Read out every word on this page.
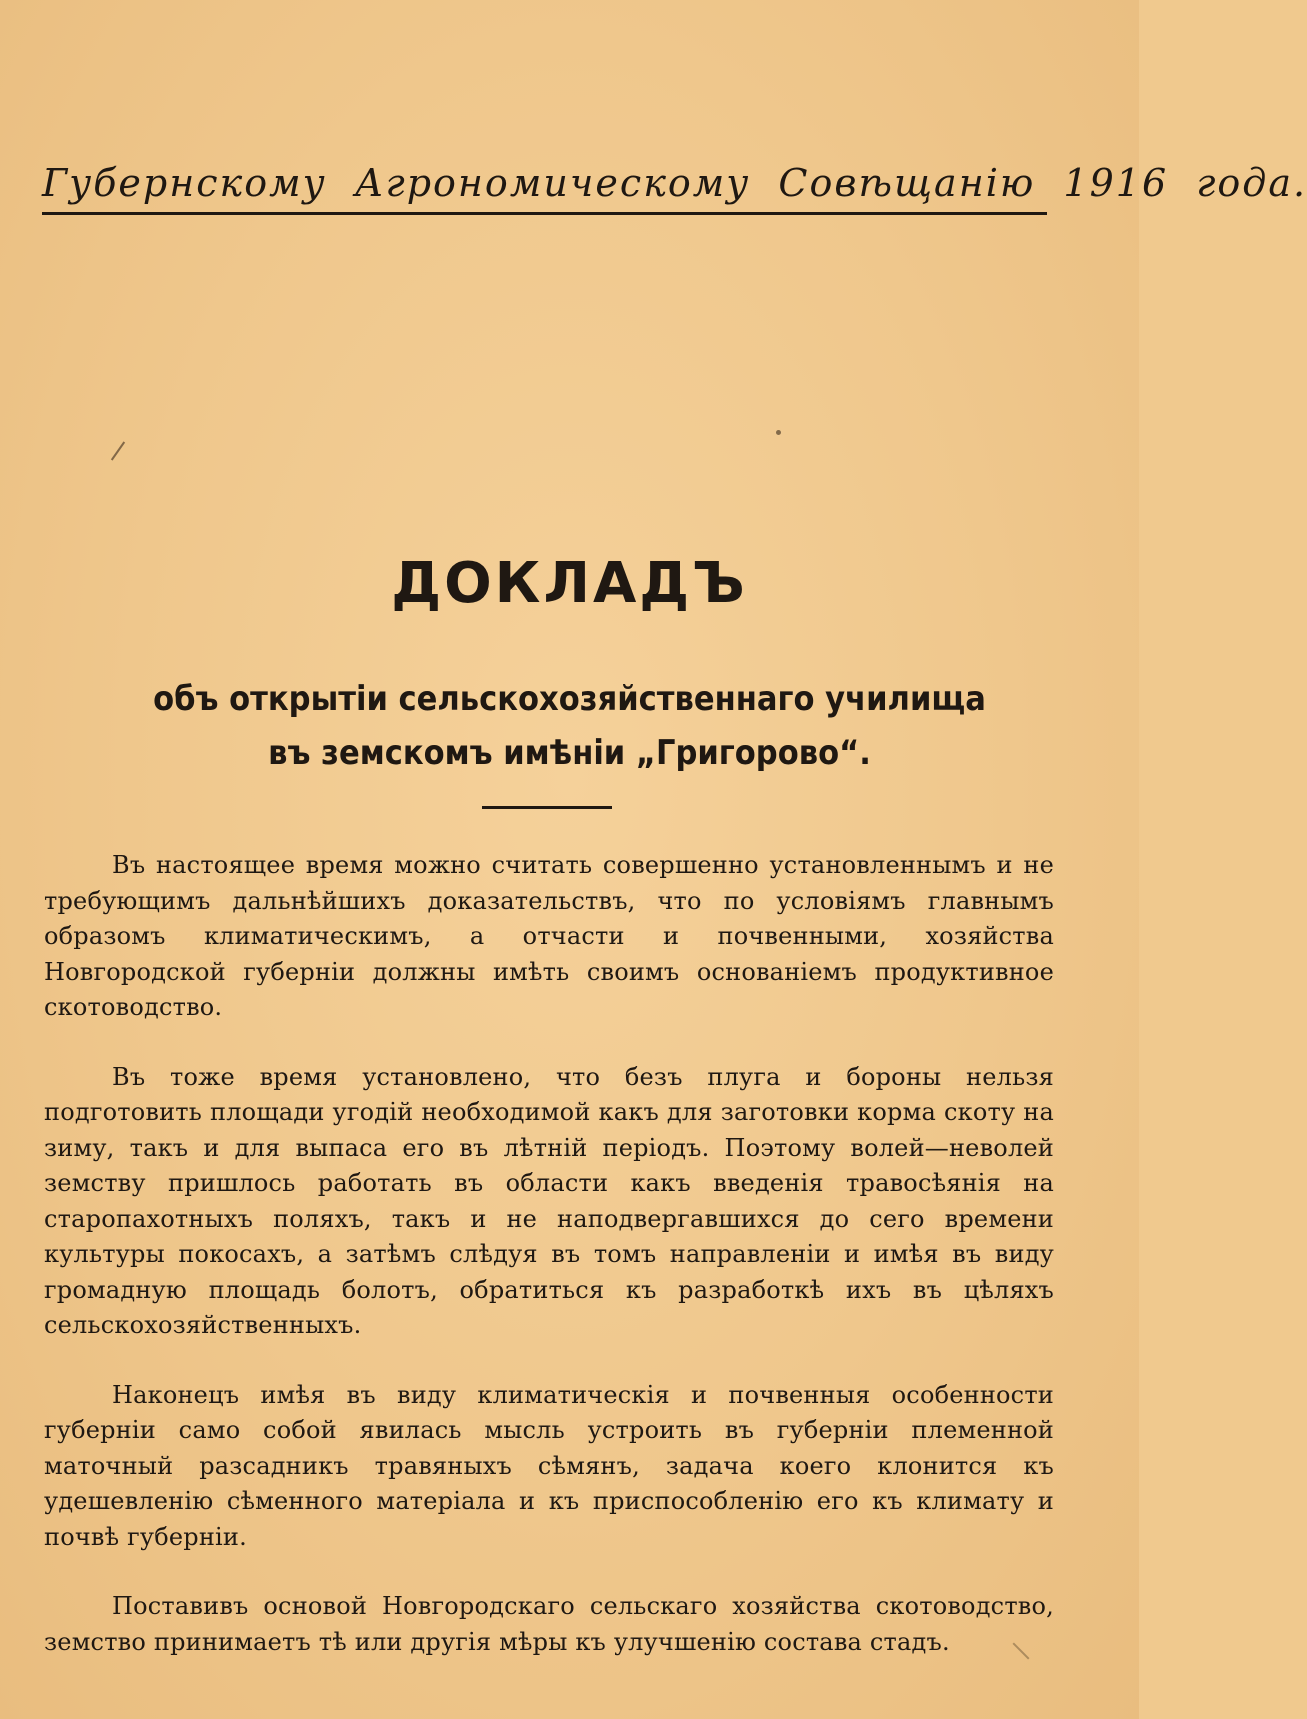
Губернскому Агрономическому Совѣщанію 1916 года.
ДОКЛАДЪ
объ открытіи сельскохозяйственнаго училища
въ земскомъ имѣніи „Григорово“.

Въ настоящее время можно считать совершенно установленнымъ и не требующимъ дальнѣйшихъ доказательствъ, что по условіямъ главнымъ образомъ климатическимъ, а отчасти и почвенными, хозяйства Новгородской губерніи должны имѣть своимъ основаніемъ продуктивное скотоводство.

Въ тоже время установлено, что безъ плуга и бороны нельзя подготовить площади угодій необходимой какъ для заготовки корма скоту на зиму, такъ и для выпаса его въ лѣтній періодъ. Поэтому волей—неволей земству пришлось работать въ области какъ введенія травосѣянія на старопахотныхъ поляхъ, такъ и не наподвергавшихся до сего времени культуры покосахъ, а затѣмъ слѣдуя въ томъ направленіи и имѣя въ виду громадную площадь болотъ, обратиться къ разработкѣ ихъ въ цѣляхъ сельскохозяйственныхъ.

Наконецъ имѣя въ виду климатическія и почвенныя особенности губерніи само собой явилась мысль устроить въ губерніи племенной маточный разсадникъ травяныхъ сѣмянъ, задача коего клонится къ удешевленію сѣменного матеріала и къ приспособленію его къ климату и почвѣ губерніи.

Поставивъ основой Новгородскаго сельскаго хозяйства скотоводство, земство принимаетъ тѣ или другія мѣры къ улучшенію состава стадъ.
